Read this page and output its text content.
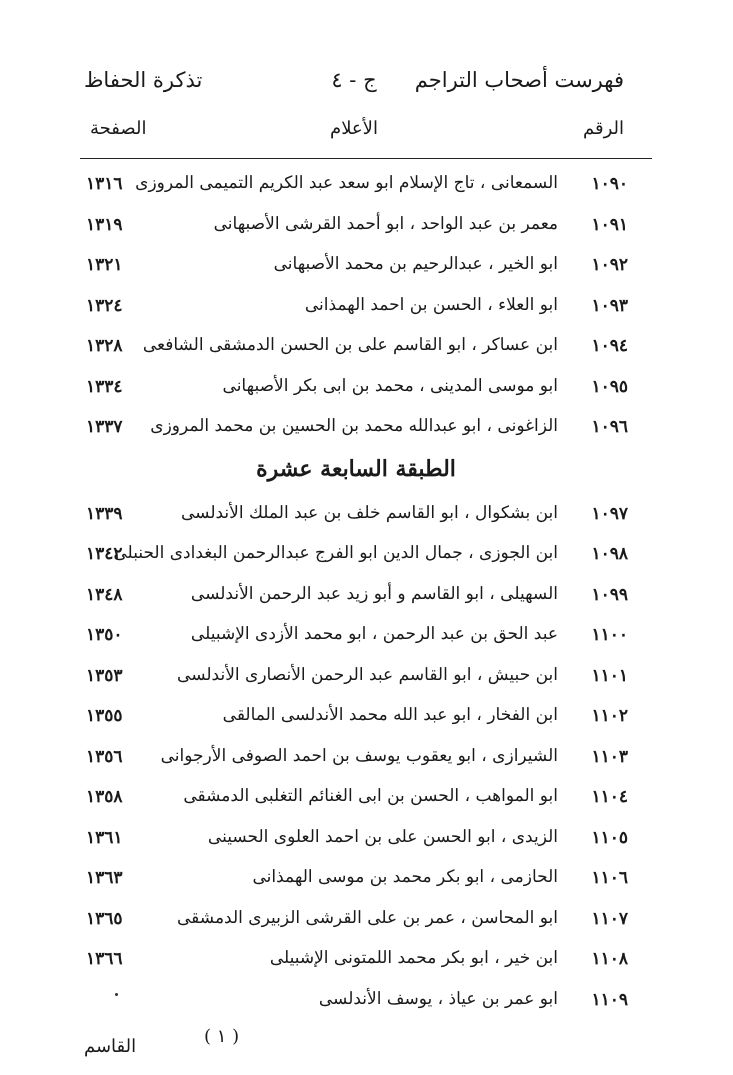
فهرست أصحاب التراجم
ج - ٤
تذكرة الحفاظ
الرقم
الأعلام
الصفحة
١٠٩٠
السمعانى ، تاج الإسلام ابو سعد عبد الكريم التميمى المروزى
١٣١٦
١٠٩١
معمر بن عبد الواحد ، ابو أحمد القرشى الأصبهانى
١٣١٩
١٠٩٢
ابو الخير ، عبدالرحيم بن محمد الأصبهانى
١٣٢١
١٠٩٣
ابو العلاء ، الحسن بن احمد الهمذانى
١٣٢٤
١٠٩٤
ابن عساكر ، ابو القاسم على بن الحسن الدمشقى الشافعى
١٣٢٨
١٠٩٥
ابو موسى المدينى ، محمد بن ابى بكر الأصبهانى
١٣٣٤
١٠٩٦
الزاغونى ، ابو عبدالله محمد بن الحسين بن محمد المروزى
١٣٣٧
الطبقة السابعة عشرة
١٠٩٧
ابن بشكوال ، ابو القاسم خلف بن عبد الملك الأندلسى
١٣٣٩
١٠٩٨
ابن الجوزى ، جمال الدين ابو الفرج عبدالرحمن البغدادى الحنبلى
١٣٤٢
١٠٩٩
السهيلى ، ابو القاسم و أبو زيد عبد الرحمن الأندلسى
١٣٤٨
١١٠٠
عبد الحق بن عبد الرحمن ، ابو محمد الأزدى الإشبيلى
١٣٥٠
١١٠١
ابن حبيش ، ابو القاسم عبد الرحمن الأنصارى الأندلسى
١٣٥٣
١١٠٢
ابن الفخار ، ابو عبد الله محمد الأندلسى المالقى
١٣٥٥
١١٠٣
الشيرازى ، ابو يعقوب يوسف بن احمد الصوفى الأرجوانى
١٣٥٦
١١٠٤
ابو المواهب ، الحسن بن ابى الغنائم التغلبى الدمشقى
١٣٥٨
١١٠٥
الزيدى ، ابو الحسن على بن احمد العلوى الحسينى
١٣٦١
١١٠٦
الحازمى ، ابو بكر محمد بن موسى الهمذانى
١٣٦٣
١١٠٧
ابو المحاسن ، عمر بن على القرشى الزبيرى الدمشقى
١٣٦٥
١١٠٨
ابن خير ، ابو بكر محمد اللمتونى الإشبيلى
١٣٦٦
١١٠٩
ابو عمر بن عياذ ، يوسف الأندلسى
( ١ )
القاسم
